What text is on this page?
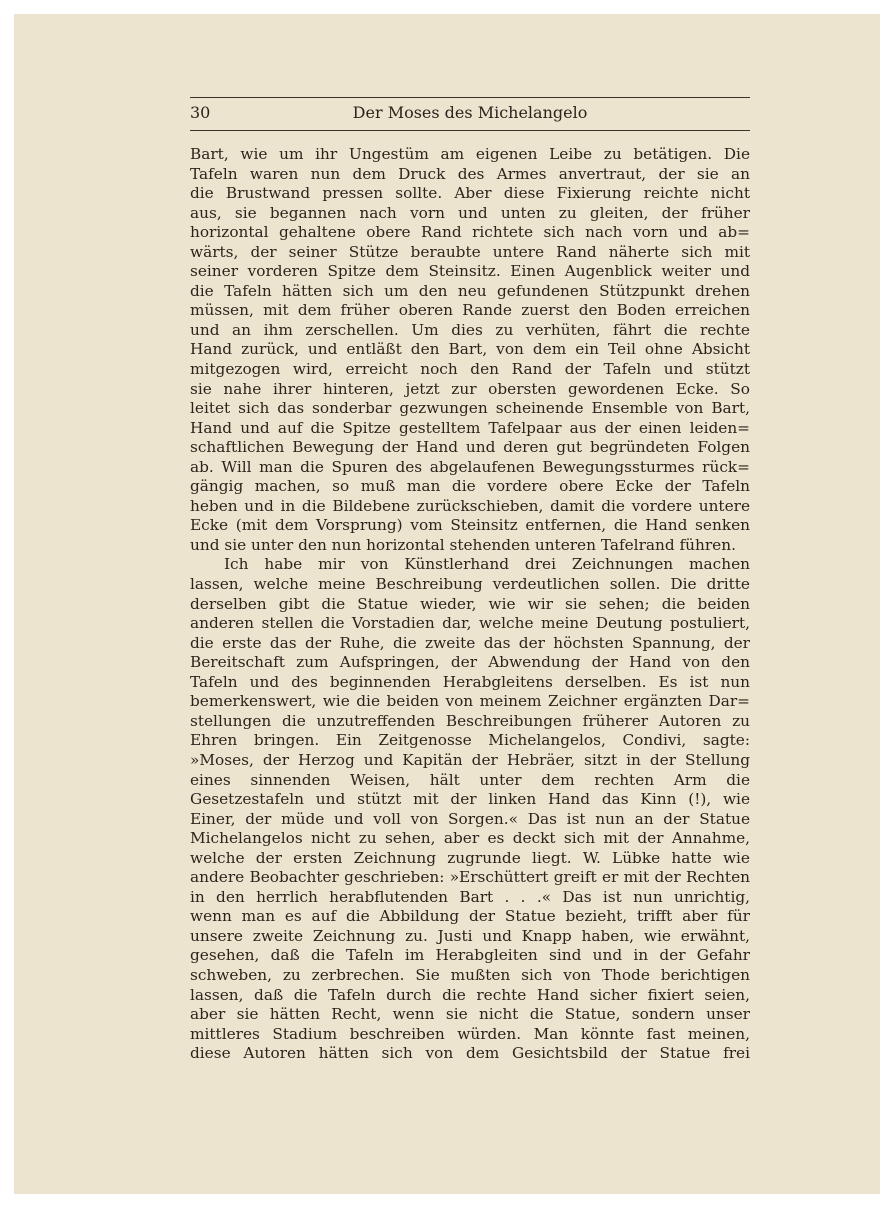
30	Der Moses des Michelangelo
Bart, wie um ihr Ungestüm am eigenen Leibe zu betätigen. Die
Tafeln waren nun dem Druck des Armes anvertraut, der sie an
die Brustwand pressen sollte. Aber diese Fixierung reichte nicht
aus, sie begannen nach vorn und unten zu gleiten, der früher
horizontal gehaltene obere Rand richtete sich nach vorn und ab=
wärts, der seiner Stütze beraubte untere Rand näherte sich mit
seiner vorderen Spitze dem Steinsitz. Einen Augenblick weiter und
die Tafeln hätten sich um den neu gefundenen Stützpunkt drehen
müssen, mit dem früher oberen Rande zuerst den Boden erreichen
und an ihm zerschellen. Um dies zu verhüten, fährt die rechte
Hand zurück, und entläßt den Bart, von dem ein Teil ohne Absicht
mitgezogen wird, erreicht noch den Rand der Tafeln und stützt
sie nahe ihrer hinteren, jetzt zur obersten gewordenen Ecke. So
leitet sich das sonderbar gezwungen scheinende Ensemble von Bart,
Hand und auf die Spitze gestelltem Tafelpaar aus der einen leiden=
schaftlichen Bewegung der Hand und deren gut begründeten Folgen
ab. Will man die Spuren des abgelaufenen Bewegungssturmes rück=
gängig machen, so muß man die vordere obere Ecke der Tafeln
heben und in die Bildebene zurückschieben, damit die vordere untere
Ecke (mit dem Vorsprung) vom Steinsitz entfernen, die Hand senken
und sie unter den nun horizontal stehenden unteren Tafelrand führen.
Ich habe mir von Künstlerhand drei Zeichnungen machen
lassen, welche meine Beschreibung verdeutlichen sollen. Die dritte
derselben gibt die Statue wieder, wie wir sie sehen; die beiden
anderen stellen die Vorstadien dar, welche meine Deutung postuliert,
die erste das der Ruhe, die zweite das der höchsten Spannung, der
Bereitschaft zum Aufspringen, der Abwendung der Hand von den
Tafeln und des beginnenden Herabgleitens derselben. Es ist nun
bemerkenswert, wie die beiden von meinem Zeichner ergänzten Dar=
stellungen die unzutreffenden Beschreibungen früherer Autoren zu
Ehren bringen. Ein Zeitgenosse Michelangelos, Condivi, sagte:
»Moses, der Herzog und Kapitän der Hebräer, sitzt in der Stellung
eines sinnenden Weisen, hält unter dem rechten Arm die
Gesetzestafeln und stützt mit der linken Hand das Kinn (!), wie
Einer, der müde und voll von Sorgen.« Das ist nun an der Statue
Michelangelos nicht zu sehen, aber es deckt sich mit der Annahme,
welche der ersten Zeichnung zugrunde liegt. W. Lübke hatte wie
andere Beobachter geschrieben: »Erschüttert greift er mit der Rechten
in den herrlich herabflutenden Bart . . .« Das ist nun unrichtig,
wenn man es auf die Abbildung der Statue bezieht, trifft aber für
unsere zweite Zeichnung zu. Justi und Knapp haben, wie erwähnt,
gesehen, daß die Tafeln im Herabgleiten sind und in der Gefahr
schweben, zu zerbrechen. Sie mußten sich von Thode berichtigen
lassen, daß die Tafeln durch die rechte Hand sicher fixiert seien,
aber sie hätten Recht, wenn sie nicht die Statue, sondern unser
mittleres Stadium beschreiben würden. Man könnte fast meinen,
diese Autoren hätten sich von dem Gesichtsbild der Statue frei
